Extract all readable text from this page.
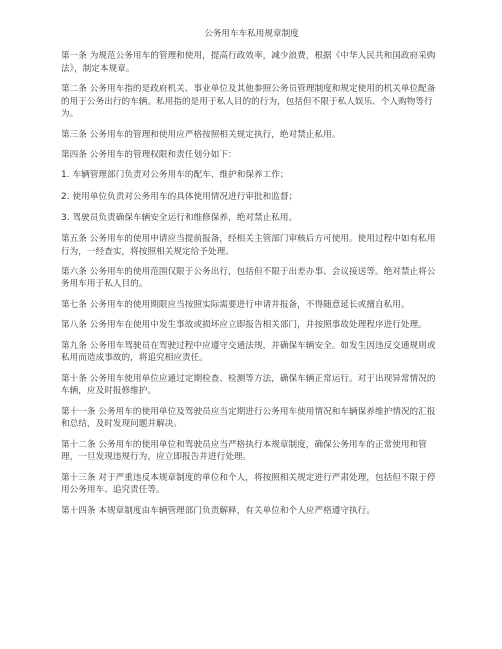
公务用车车私用规章制度
第一条 为规范公务用车的管理和使用，提高行政效率，减少浪费，根据《中华人民共和国政府采购法》，制定本规章。
第二条 公务用车指的是政府机关、事业单位及其他参照公务员管理制度和规定使用的机关单位配备的用于公务出行的车辆。私用指的是用于私人目的的行为，包括但不限于私人娱乐、个人购物等行为。
第三条 公务用车的管理和使用应严格按照相关规定执行，绝对禁止私用。
第四条 公务用车的管理权限和责任划分如下：
1. 车辆管理部门负责对公务用车的配车、维护和保养工作；
2. 使用单位负责对公务用车的具体使用情况进行审批和监督；
3. 驾驶员负责确保车辆安全运行和维修保养，绝对禁止私用。
第五条 公务用车的使用申请应当提前报备，经相关主管部门审核后方可使用。使用过程中如有私用行为，一经查实，将按照相关规定给予处理。
第六条 公务用车的使用范围仅限于公务出行，包括但不限于出差办事、会议接送等。绝对禁止将公务用车用于私人目的。
第七条 公务用车的使用期限应当按照实际需要进行申请并报备，不得随意延长或擅自私用。
第八条 公务用车在使用中发生事故或损坏应立即报告相关部门，并按照事故处理程序进行处理。
第九条 公务用车驾驶员在驾驶过程中应遵守交通法规，并确保车辆安全。如发生因违反交通规则或私用而造成事故的，将追究相应责任。
第十条 公务用车使用单位应通过定期检查、检测等方法，确保车辆正常运行。对于出现异常情况的车辆，应及时报修维护。
第十一条 公务用车的使用单位及驾驶员应当定期进行公务用车使用情况和车辆保养维护情况的汇报和总结，及时发现问题并解决。
第十二条 公务用车的使用单位和驾驶员应当严格执行本规章制度，确保公务用车的正常使用和管理，一旦发现违规行为，应立即报告并进行处理。
第十三条 对于严重违反本规章制度的单位和个人，将按照相关规定进行严肃处理，包括但不限于停用公务用车、追究责任等。
第十四条 本规章制度由车辆管理部门负责解释，有关单位和个人应严格遵守执行。
